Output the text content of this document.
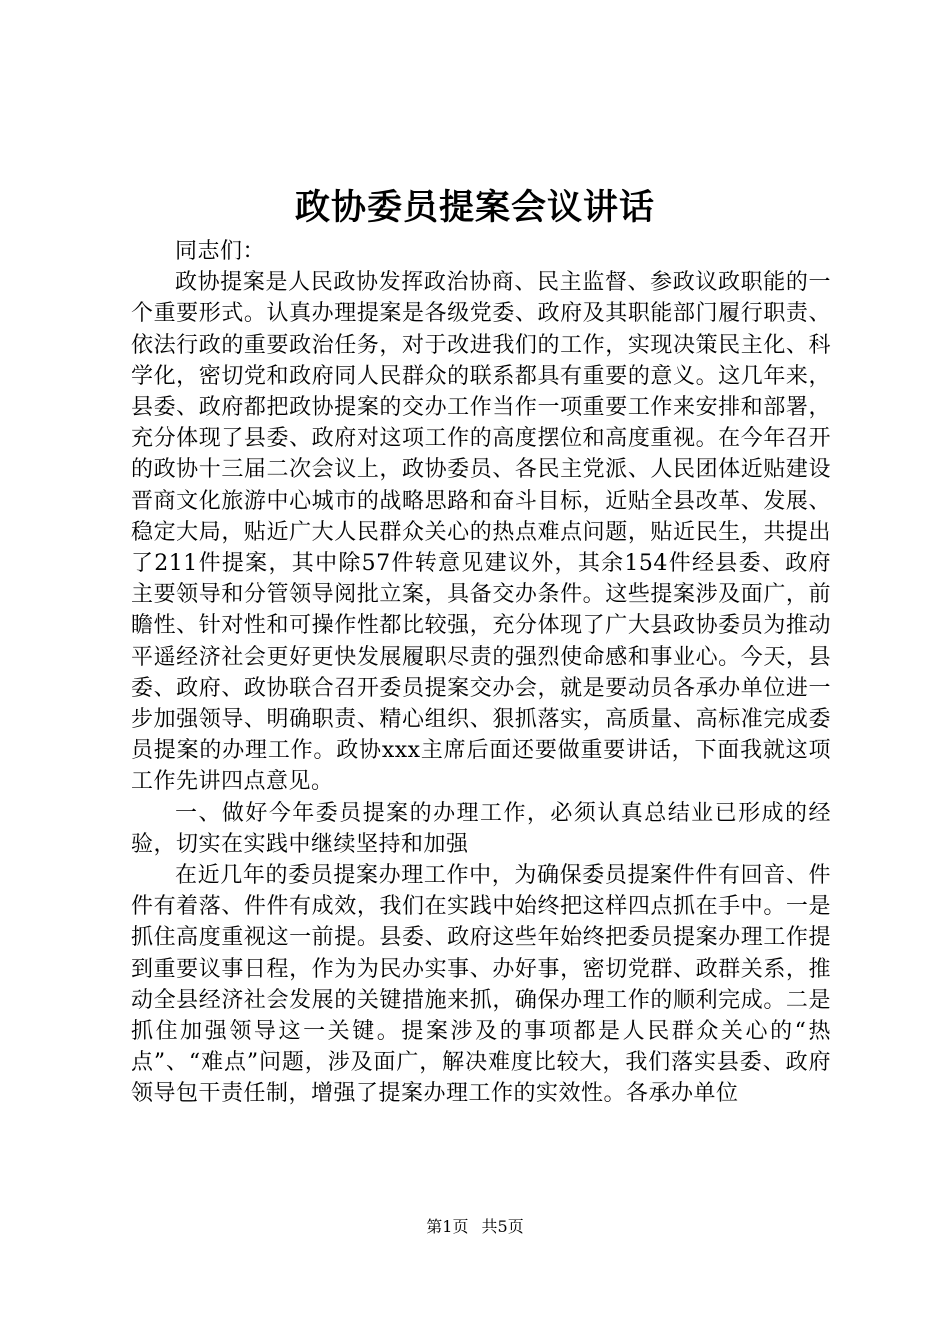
政协委员提案会议讲话

同志们：

政协提案是人民政协发挥政治协商、民主监督、参政议政职能的一个重要形式。认真办理提案是各级党委、政府及其职能部门履行职责、依法行政的重要政治任务，对于改进我们的工作，实现决策民主化、科学化，密切党和政府同人民群众的联系都具有重要的意义。这几年来，县委、政府都把政协提案的交办工作当作一项重要工作来安排和部署，充分体现了县委、政府对这项工作的高度摆位和高度重视。在今年召开的政协十三届二次会议上，政协委员、各民主党派、人民团体近贴建设晋商文化旅游中心城市的战略思路和奋斗目标，近贴全县改革、发展、稳定大局，贴近广大人民群众关心的热点难点问题，贴近民生，共提出了211件提案，其中除57件转意见建议外，其余154件经县委、政府主要领导和分管领导阅批立案，具备交办条件。这些提案涉及面广，前瞻性、针对性和可操作性都比较强，充分体现了广大县政协委员为推动平遥经济社会更好更快发展履职尽责的强烈使命感和事业心。今天，县委、政府、政协联合召开委员提案交办会，就是要动员各承办单位进一步加强领导、明确职责、精心组织、狠抓落实，高质量、高标准完成委员提案的办理工作。政协xxx主席后面还要做重要讲话，下面我就这项工作先讲四点意见。

一、做好今年委员提案的办理工作，必须认真总结业已形成的经验，切实在实践中继续坚持和加强

在近几年的委员提案办理工作中，为确保委员提案件件有回音、件件有着落、件件有成效，我们在实践中始终把这样四点抓在手中。一是抓住高度重视这一前提。县委、政府这些年始终把委员提案办理工作提到重要议事日程，作为为民办实事、办好事，密切党群、政群关系，推动全县经济社会发展的关键措施来抓，确保办理工作的顺利完成。二是抓住加强领导这一关键。提案涉及的事项都是人民群众关心的“热点”、“难点”问题，涉及面广，解决难度比较大，我们落实县委、政府领导包干责任制，增强了提案办理工作的实效性。各承办单位

第1页 共5页
